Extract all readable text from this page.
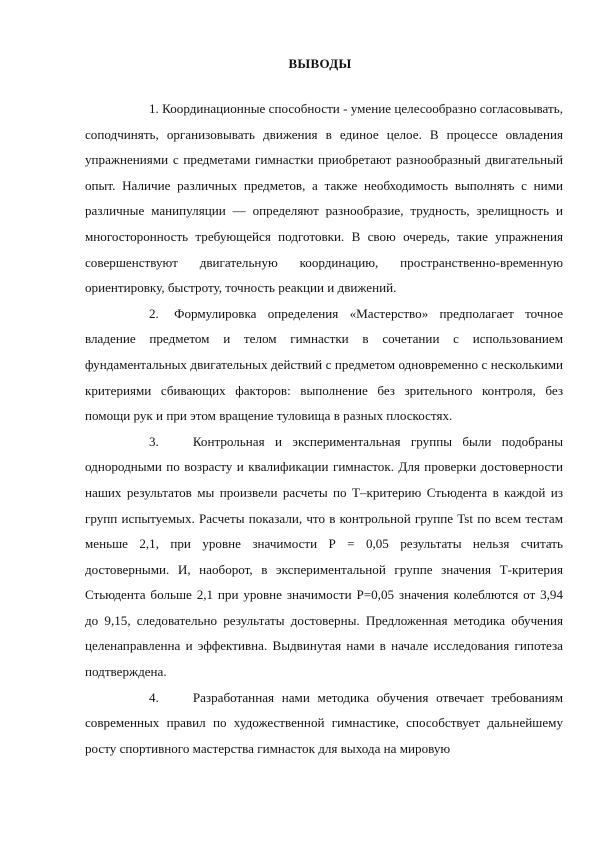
ВЫВОДЫ

1. Координационные способности - умение целесообразно согласовывать, соподчинять, организовывать движения в единое целое. В процессе овладения упражнениями с предметами гимнастки приобретают разнообразный двигательный опыт. Наличие различных предметов, а также необходимость выполнять с ними различные манипуляции — определяют разнообразие, трудность, зрелищность и многосторонность требующейся подготовки. В свою очередь, такие упражнения совершенствуют двигательную координацию, пространственно-временную ориентировку, быстроту, точность реакции и движений.

2. Формулировка определения «Мастерство» предполагает точное владение предметом и телом гимнастки в сочетании с использованием фундаментальных двигательных действий с предметом одновременно с несколькими критериями сбивающих факторов: выполнение без зрительного контроля, без помощи рук и при этом вращение туловища в разных плоскостях.

3.	Контрольная и экспериментальная группы были подобраны однородными по возрасту и квалификации гимнасток. Для проверки достоверности наших результатов мы произвели расчеты по Т–критерию Стьюдента в каждой из групп испытуемых. Расчеты показали, что в контрольной группе Tst по всем тестам меньше 2,1, при уровне значимости Р = 0,05 результаты нельзя считать достоверными. И, наоборот, в экспериментальной группе значения Т-критерия Стьюдента больше 2,1 при уровне значимости Р=0,05 значения колеблются от 3,94 до 9,15, следовательно результаты достоверны. Предложенная методика обучения целенаправленна и эффективна. Выдвинутая нами в начале исследования гипотеза подтверждена.

4.	Разработанная нами методика обучения отвечает требованиям современных правил по художественной гимнастике, способствует дальнейшему росту спортивного мастерства гимнасток для выхода на мировую
